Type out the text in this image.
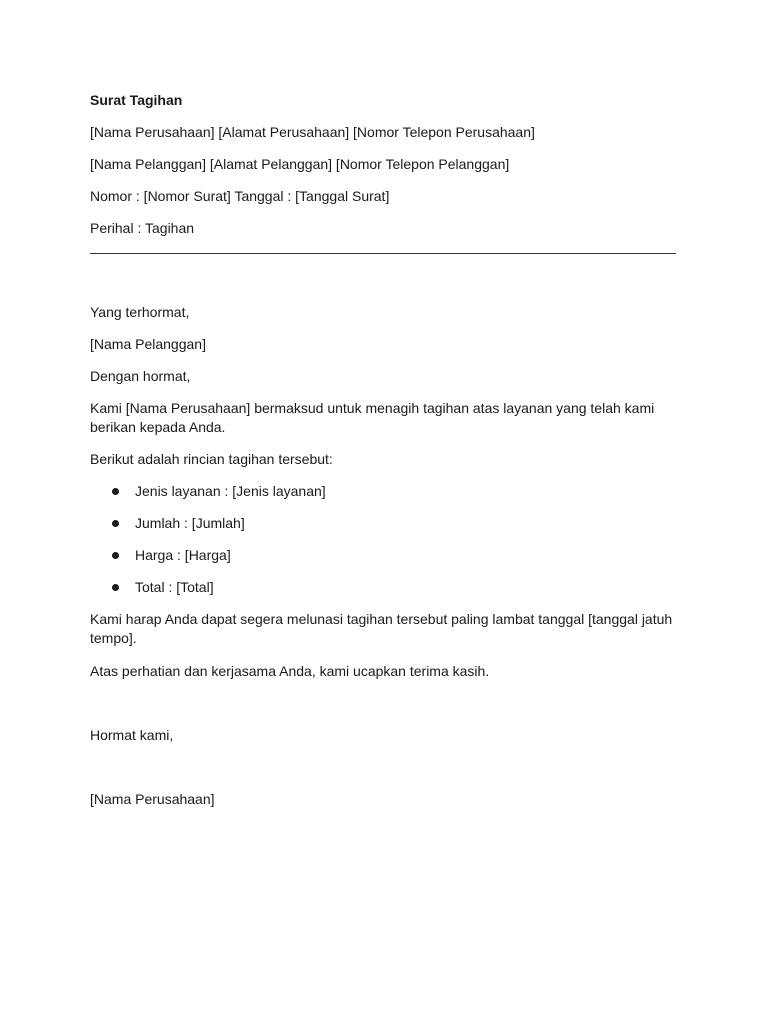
Surat Tagihan
[Nama Perusahaan] [Alamat Perusahaan] [Nomor Telepon Perusahaan]
[Nama Pelanggan] [Alamat Pelanggan] [Nomor Telepon Pelanggan]
Nomor : [Nomor Surat] Tanggal : [Tanggal Surat]
Perihal : Tagihan
Yang terhormat,
[Nama Pelanggan]
Dengan hormat,
Kami [Nama Perusahaan] bermaksud untuk menagih tagihan atas layanan yang telah kami berikan kepada Anda.
Berikut adalah rincian tagihan tersebut:
Jenis layanan : [Jenis layanan]
Jumlah : [Jumlah]
Harga : [Harga]
Total : [Total]
Kami harap Anda dapat segera melunasi tagihan tersebut paling lambat tanggal [tanggal jatuh tempo].
Atas perhatian dan kerjasama Anda, kami ucapkan terima kasih.
Hormat kami,
[Nama Perusahaan]
